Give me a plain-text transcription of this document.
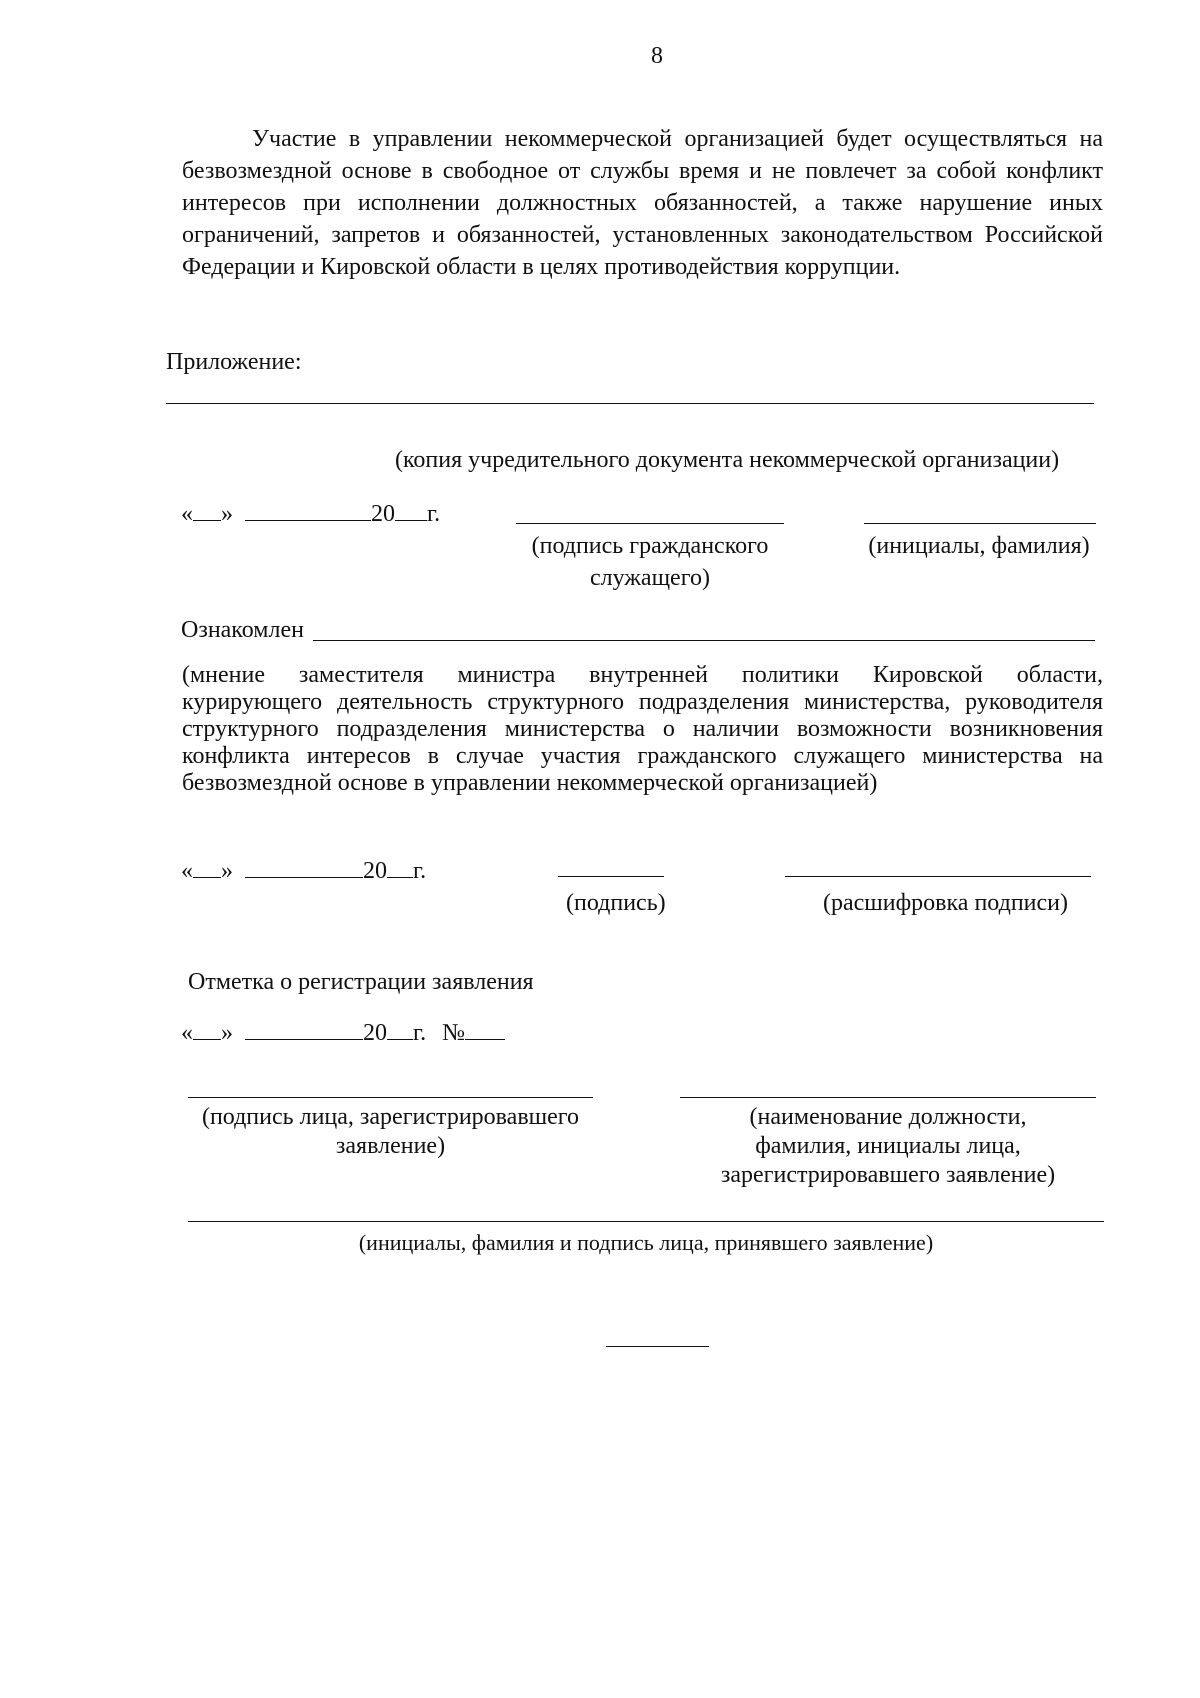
8
Участие в управлении некоммерческой организацией будет осуществляться на
безвозмездной основе в свободное от службы время и не повлечет за собой конфликт
интересов при исполнении должностных обязанностей, а также нарушение иных
ограничений, запретов и обязанностей, установленных законодательством Российской
Федерации и Кировской области в целях противодействия коррупции.
Приложение:
(копия учредительного документа некоммерческой организации)
« »	20 г.
(подпись гражданского
служащего)
(инициалы, фамилия)
Ознакомлен
(мнение заместителя министра внутренней политики Кировской области,
курирующего деятельность структурного подразделения министерства, руководителя
структурного подразделения министерства о наличии возможности возникновения
конфликта интересов в случае участия гражданского служащего министерства на
безвозмездной основе в управлении некоммерческой организацией)
« »	20 г.
(подпись)	(расшифровка подписи)
Отметка о регистрации заявления
« »	20 г. №
(подпись лица, зарегистрировавшего
заявление)
(наименование должности,
фамилия, инициалы лица,
зарегистрировавшего заявление)
(инициалы, фамилия и подпись лица, принявшего заявление)
